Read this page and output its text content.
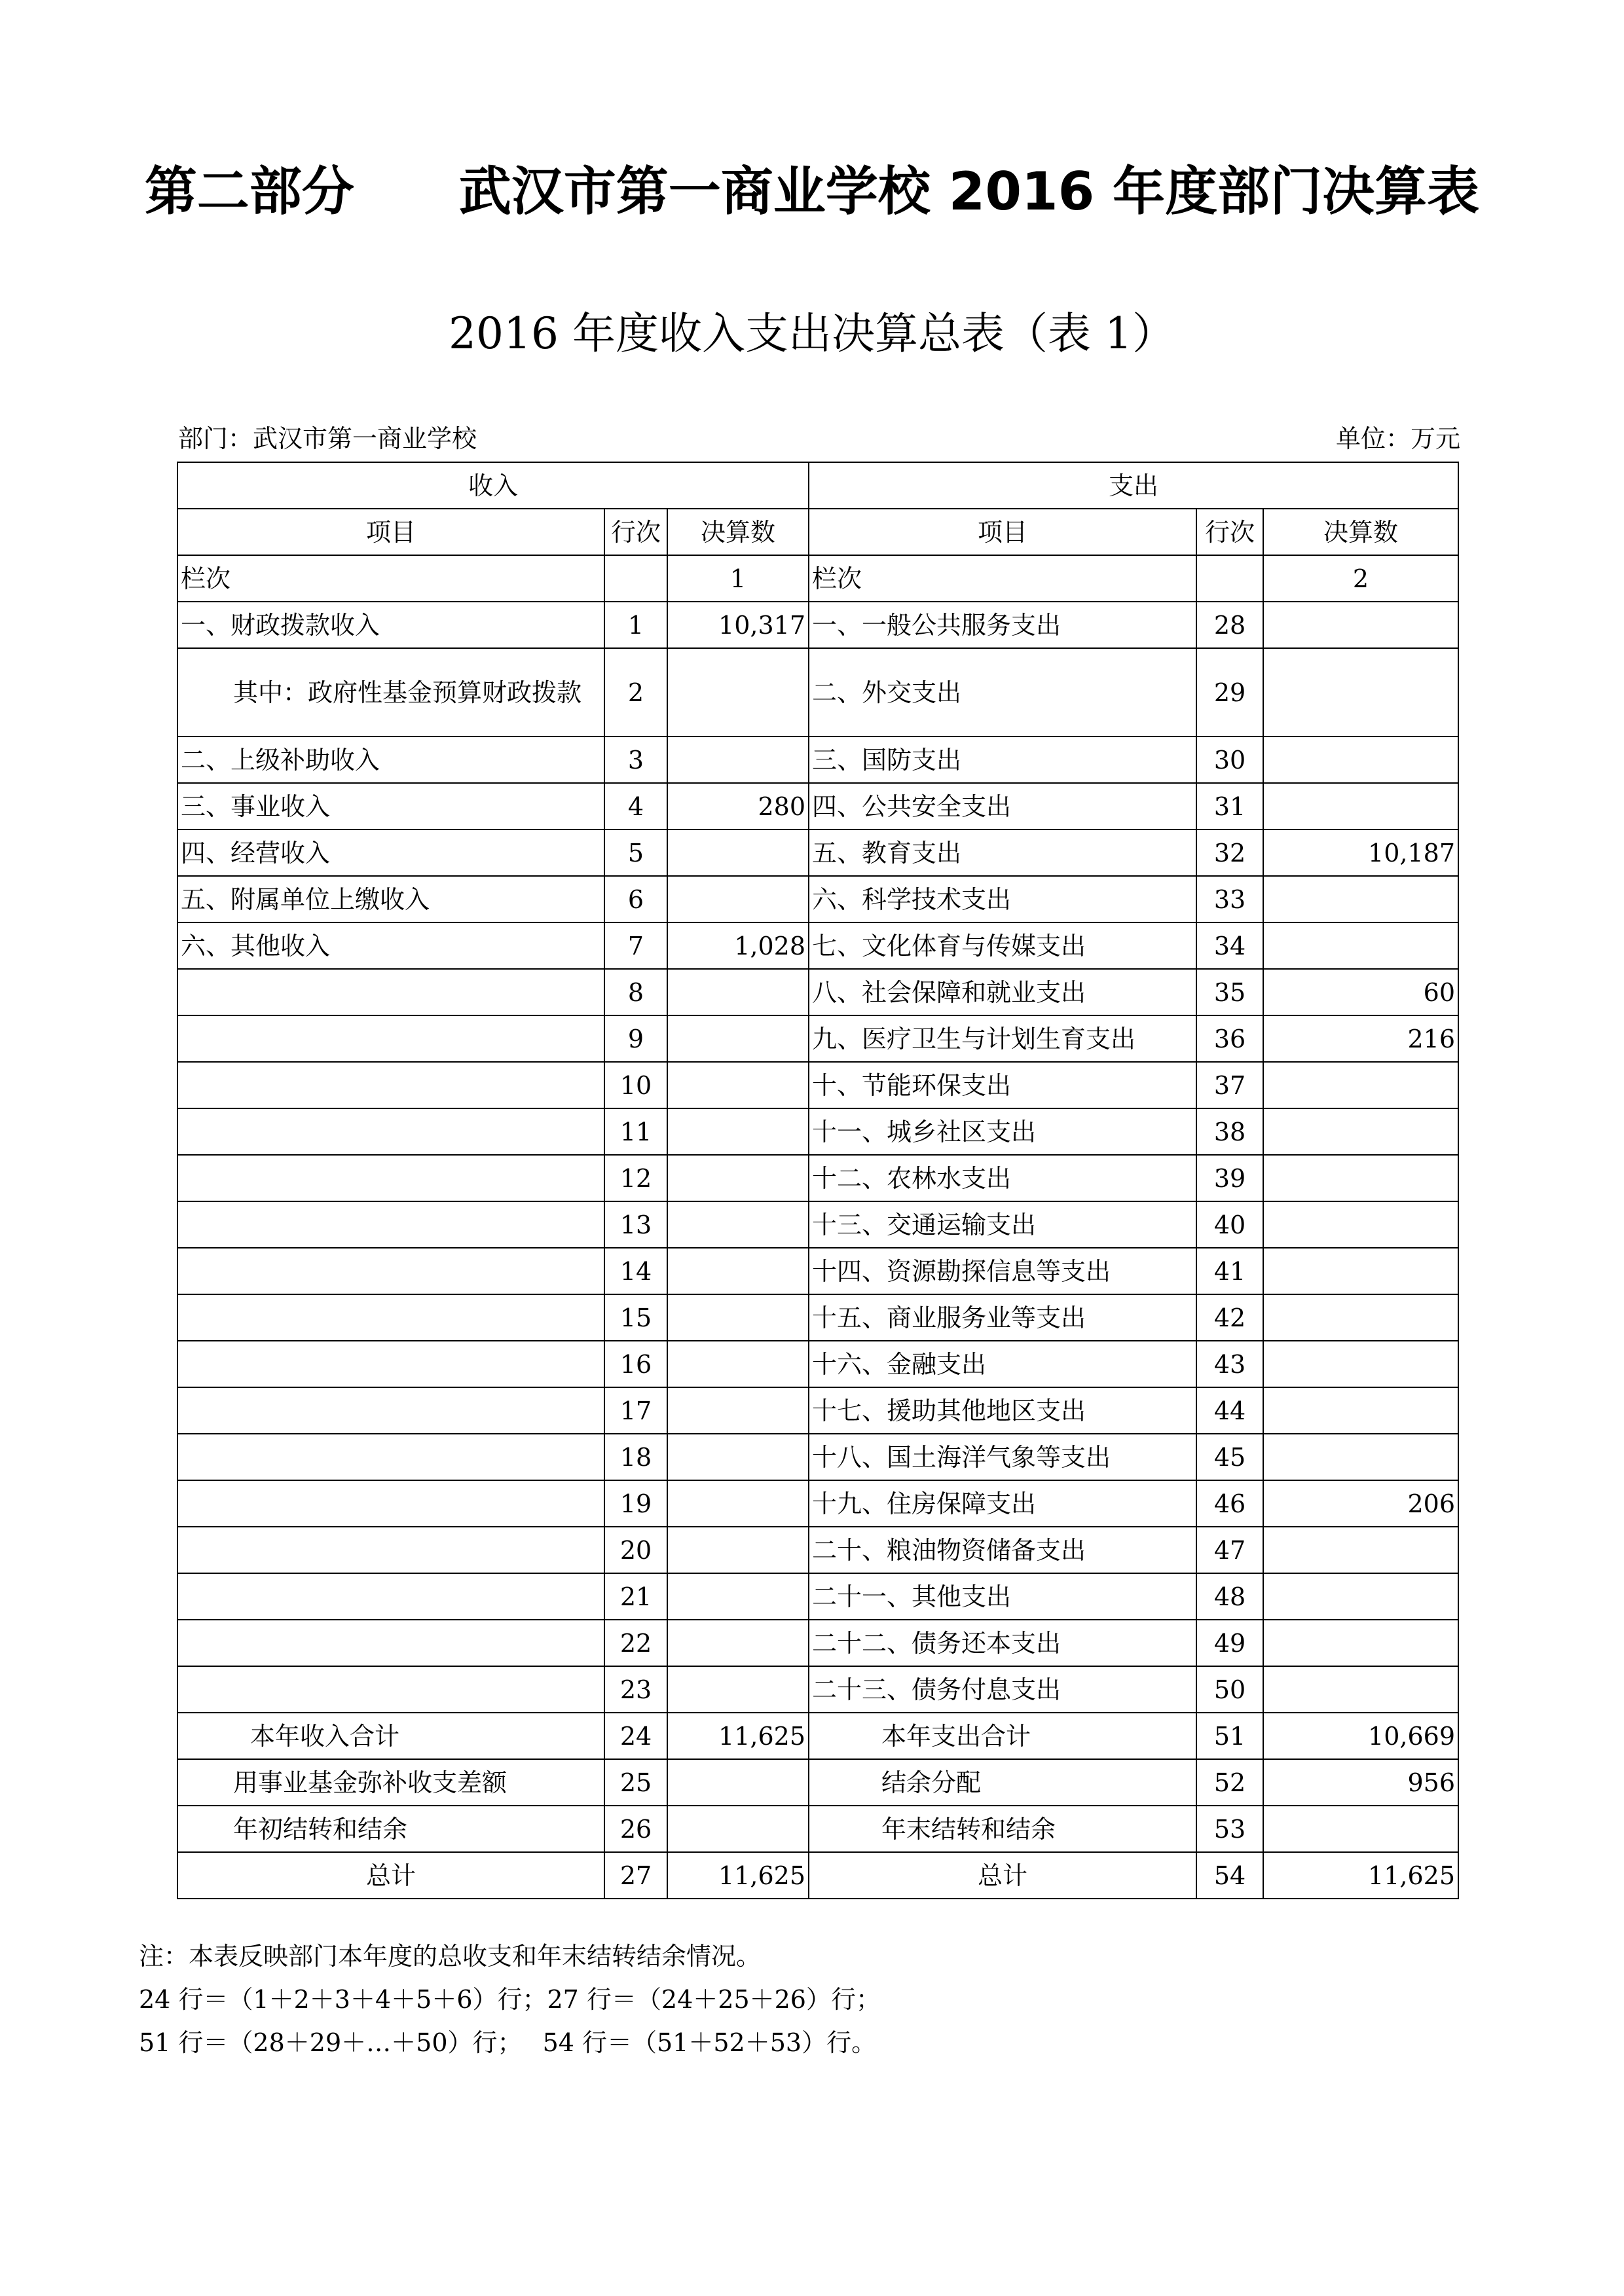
第二部分　　武汉市第一商业学校 2016 年度部门决算表
2016 年度收入支出决算总表（表 1）
部门：武汉市第一商业学校	单位：万元
收入			支出		
项目	行次	决算数	项目	行次	决算数
栏次		1	栏次		2
一、财政拨款收入	1	10,317	一、一般公共服务支出	28	
其中：政府性基金预算财政拨款	2		二、外交支出	29	
二、上级补助收入	3		三、国防支出	30	
三、事业收入	4	280	四、公共安全支出	31	
四、经营收入	5		五、教育支出	32	10,187
五、附属单位上缴收入	6		六、科学技术支出	33	
六、其他收入	7	1,028	七、文化体育与传媒支出	34	
	8		八、社会保障和就业支出	35	60
	9		九、医疗卫生与计划生育支出	36	216
	10		十、节能环保支出	37	
	11		十一、城乡社区支出	38	
	12		十二、农林水支出	39	
	13		十三、交通运输支出	40	
	14		十四、资源勘探信息等支出	41	
	15		十五、商业服务业等支出	42	
	16		十六、金融支出	43	
	17		十七、援助其他地区支出	44	
	18		十八、国土海洋气象等支出	45	
	19		十九、住房保障支出	46	206
	20		二十、粮油物资储备支出	47	
	21		二十一、其他支出	48	
	22		二十二、债务还本支出	49	
	23		二十三、债务付息支出	50	
本年收入合计	24	11,625	本年支出合计	51	10,669
用事业基金弥补收支差额	25		结余分配	52	956
年初结转和结余	26		年末结转和结余	53	
总计	27	11,625	总计	54	11,625
注：本表反映部门本年度的总收支和年末结转结余情况。
24 行＝（1＋2＋3＋4＋5＋6）行；27 行＝（24＋25＋26）行；
51 行＝（28＋29＋…＋50）行；　 54 行＝（51＋52＋53）行。
